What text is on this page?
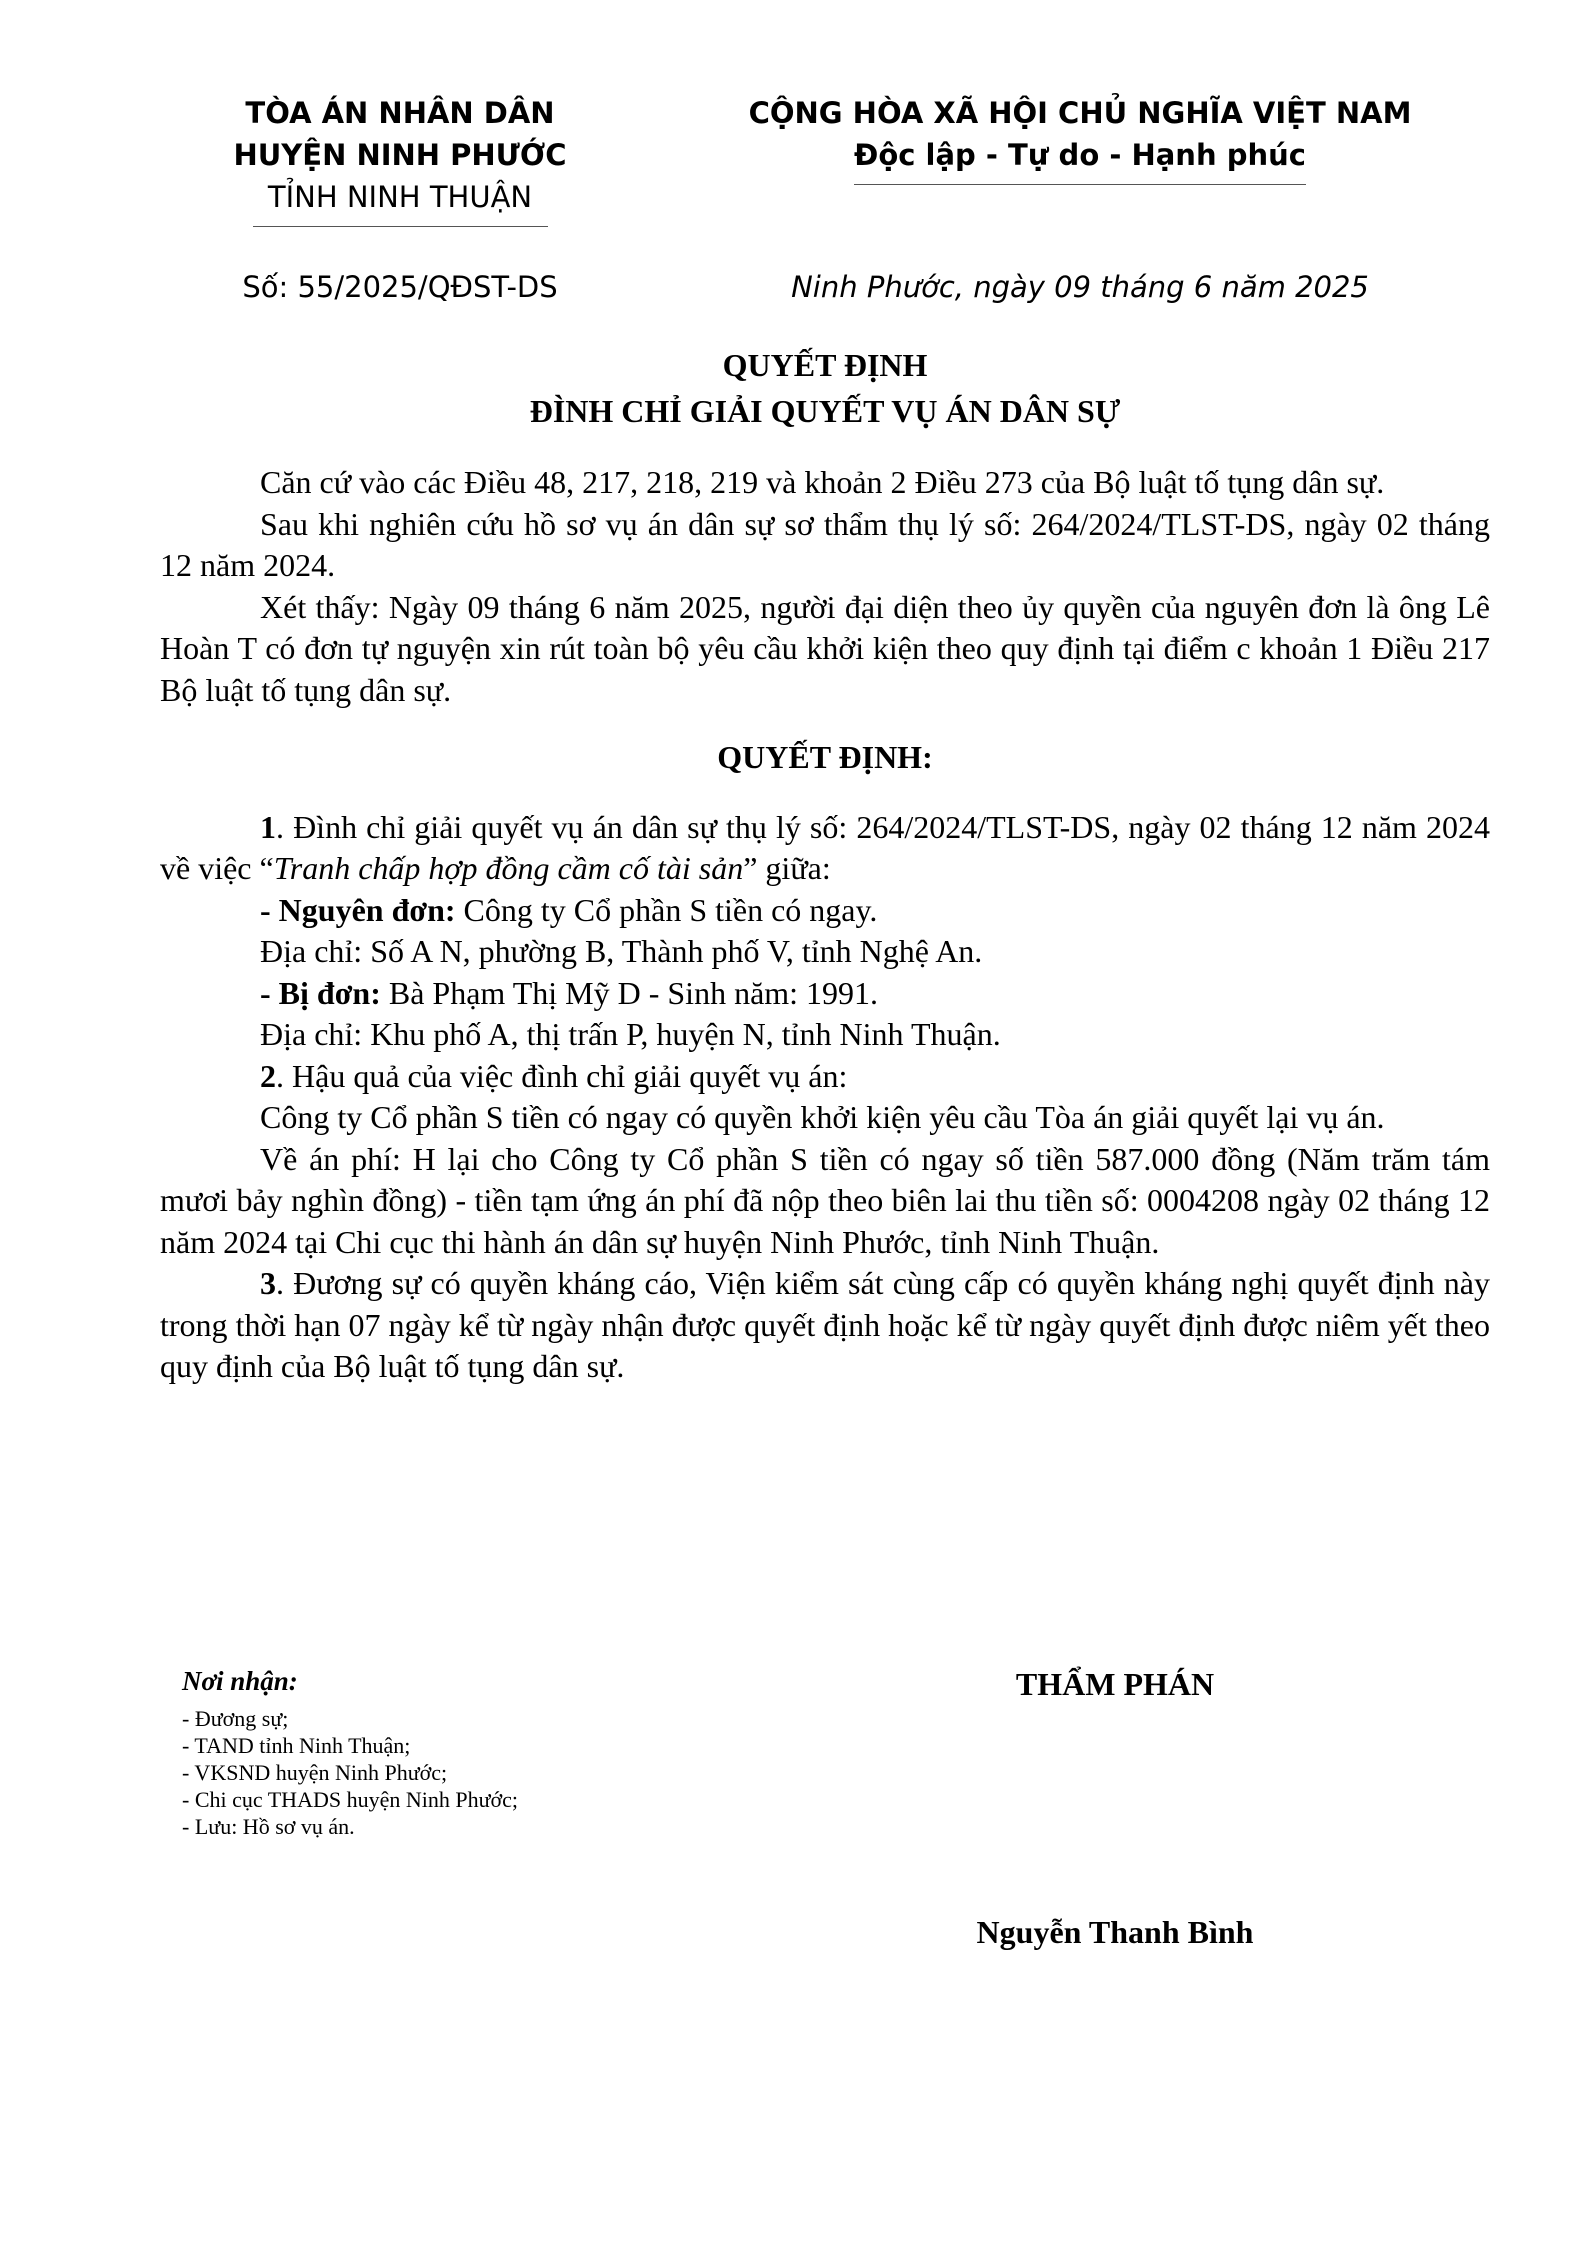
TÒA ÁN NHÂN DÂN
HUYỆN NINH PHƯỚC
TỈNH NINH THUẬN
CỘNG HÒA XÃ HỘI CHỦ NGHĨA VIỆT NAM
Độc lập - Tự do - Hạnh phúc
Số: 55/2025/QĐST-DS	Ninh Phước, ngày 09 tháng 6 năm 2025
QUYẾT ĐỊNH
ĐÌNH CHỈ GIẢI QUYẾT VỤ ÁN DÂN SỰ

Căn cứ vào các Điều 48, 217, 218, 219 và khoản 2 Điều 273 của Bộ luật tố tụng dân sự.

Sau khi nghiên cứu hồ sơ vụ án dân sự sơ thẩm thụ lý số: 264/2024/TLST-DS, ngày 02 tháng 12 năm 2024.

Xét thấy: Ngày 09 tháng 6 năm 2025, người đại diện theo ủy quyền của nguyên đơn là ông Lê Hoàn T có đơn tự nguyện xin rút toàn bộ yêu cầu khởi kiện theo quy định tại điểm c khoản 1 Điều 217 Bộ luật tố tụng dân sự.

QUYẾT ĐỊNH:

1. Đình chỉ giải quyết vụ án dân sự thụ lý số: 264/2024/TLST-DS, ngày 02 tháng 12 năm 2024 về việc “Tranh chấp hợp đồng cầm cố tài sản” giữa:

- Nguyên đơn: Công ty Cổ phần S tiền có ngay.

Địa chỉ: Số A N, phường B, Thành phố V, tỉnh Nghệ An.

- Bị đơn: Bà Phạm Thị Mỹ D - Sinh năm: 1991.

Địa chỉ: Khu phố A, thị trấn P, huyện N, tỉnh Ninh Thuận.

2. Hậu quả của việc đình chỉ giải quyết vụ án:

Công ty Cổ phần S tiền có ngay có quyền khởi kiện yêu cầu Tòa án giải quyết lại vụ án.

Về án phí: H lại cho Công ty Cổ phần S tiền có ngay số tiền 587.000 đồng (Năm trăm tám mươi bảy nghìn đồng) - tiền tạm ứng án phí đã nộp theo biên lai thu tiền số: 0004208 ngày 02 tháng 12 năm 2024 tại Chi cục thi hành án dân sự huyện Ninh Phước, tỉnh Ninh Thuận.

3. Đương sự có quyền kháng cáo, Viện kiểm sát cùng cấp có quyền kháng nghị quyết định này trong thời hạn 07 ngày kể từ ngày nhận được quyết định hoặc kể từ ngày quyết định được niêm yết theo quy định của Bộ luật tố tụng dân sự.

Nơi nhận:
- Đương sự;
- TAND tỉnh Ninh Thuận;
- VKSND huyện Ninh Phước;
- Chi cục THADS huyện Ninh Phước;
- Lưu: Hồ sơ vụ án.
THẨM PHÁN
Nguyễn Thanh Bình
